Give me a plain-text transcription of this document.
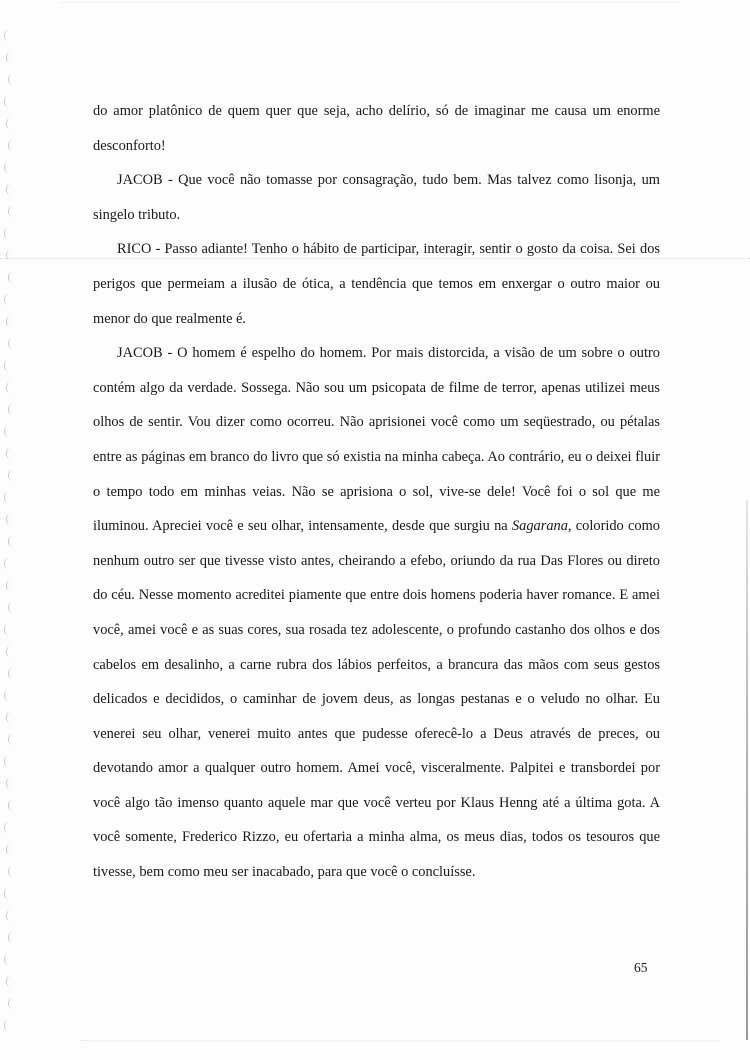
do amor platônico de quem quer que seja, acho delírio, só de imaginar me causa um enorme desconforto!

JACOB - Que você não tomasse por consagração, tudo bem. Mas talvez como lisonja, um singelo tributo.

RICO - Passo adiante! Tenho o hábito de participar, interagir, sentir o gosto da coisa. Sei dos perigos que permeiam a ilusão de ótica, a tendência que temos em enxergar o outro maior ou menor do que realmente é.

JACOB - O homem é espelho do homem. Por mais distorcida, a visão de um sobre o outro contém algo da verdade. Sossega. Não sou um psicopata de filme de terror, apenas utilizei meus olhos de sentir. Vou dizer como ocorreu. Não aprisionei você como um seqüestrado, ou pétalas entre as páginas em branco do livro que só existia na minha cabeça. Ao contrário, eu o deixei fluir o tempo todo em minhas veias. Não se aprisiona o sol, vive-se dele! Você foi o sol que me iluminou. Apreciei você e seu olhar, intensamente, desde que surgiu na Sagarana, colorido como nenhum outro ser que tivesse visto antes, cheirando a efebo, oriundo da rua Das Flores ou direto do céu. Nesse momento acreditei piamente que entre dois homens poderia haver romance. E amei você, amei você e as suas cores, sua rosada tez adolescente, o profundo castanho dos olhos e dos cabelos em desalinho, a carne rubra dos lábios perfeitos, a brancura das mãos com seus gestos delicados e decididos, o caminhar de jovem deus, as longas pestanas e o veludo no olhar. Eu venerei seu olhar, venerei muito antes que pudesse oferecê-lo a Deus através de preces, ou devotando amor a qualquer outro homem. Amei você, visceralmente. Palpitei e transbordei por você algo tão imenso quanto aquele mar que você verteu por Klaus Henng até a última gota. A você somente, Frederico Rizzo, eu ofertaria a minha alma, os meus dias, todos os tesouros que tivesse, bem como meu ser inacabado, para que você o concluísse.

65
